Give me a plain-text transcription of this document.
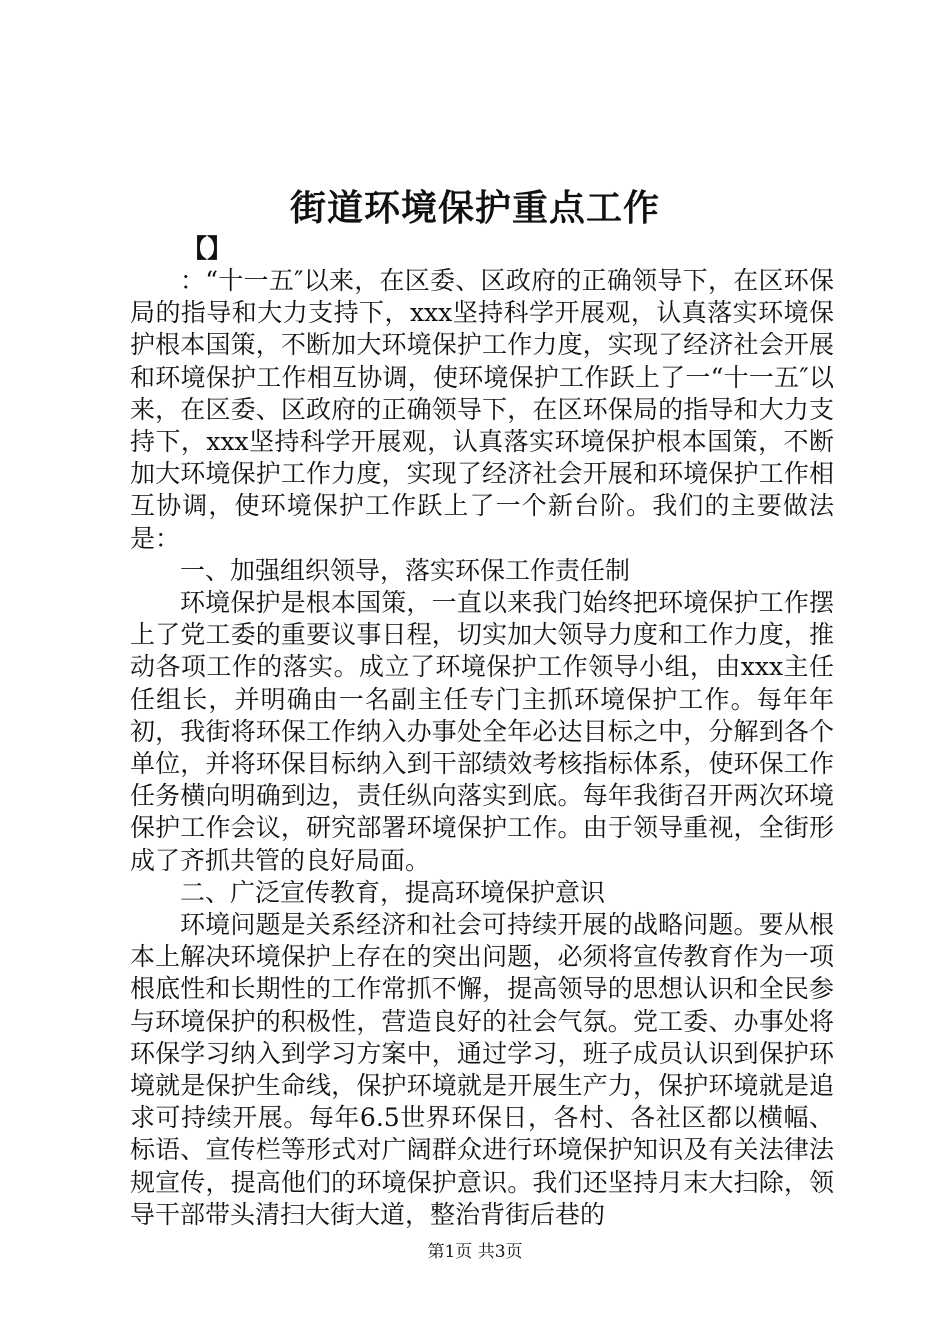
街道环境保护重点工作
【】

：“十一五″以来，在区委、区政府的正确领导下，在区环保局的指导和大力支持下，xxx坚持科学开展观，认真落实环境保护根本国策，不断加大环境保护工作力度，实现了经济社会开展和环境保护工作相互协调，使环境保护工作跃上了一“十一五″以来，在区委、区政府的正确领导下，在区环保局的指导和大力支持下，xxx坚持科学开展观，认真落实环境保护根本国策，不断加大环境保护工作力度，实现了经济社会开展和环境保护工作相互协调，使环境保护工作跃上了一个新台阶。我们的主要做法是：

一、加强组织领导，落实环保工作责任制

环境保护是根本国策，一直以来我门始终把环境保护工作摆上了党工委的重要议事日程，切实加大领导力度和工作力度，推动各项工作的落实。成立了环境保护工作领导小组，由xxx主任任组长，并明确由一名副主任专门主抓环境保护工作。每年年初，我街将环保工作纳入办事处全年必达目标之中，分解到各个单位，并将环保目标纳入到干部绩效考核指标体系，使环保工作任务横向明确到边，责任纵向落实到底。每年我街召开两次环境保护工作会议，研究部署环境保护工作。由于领导重视，全街形成了齐抓共管的良好局面。

二、广泛宣传教育，提高环境保护意识

环境问题是关系经济和社会可持续开展的战略问题。要从根本上解决环境保护上存在的突出问题，必须将宣传教育作为一项根底性和长期性的工作常抓不懈，提高领导的思想认识和全民参与环境保护的积极性，营造良好的社会气氛。党工委、办事处将环保学习纳入到学习方案中，通过学习，班子成员认识到保护环境就是保护生命线，保护环境就是开展生产力，保护环境就是追求可持续开展。每年6.5世界环保日，各村、各社区都以横幅、标语、宣传栏等形式对广阔群众进行环境保护知识及有关法律法规宣传，提高他们的环境保护意识。我们还坚持月末大扫除，领导干部带头清扫大街大道，整治背街后巷的

第1页 共3页
